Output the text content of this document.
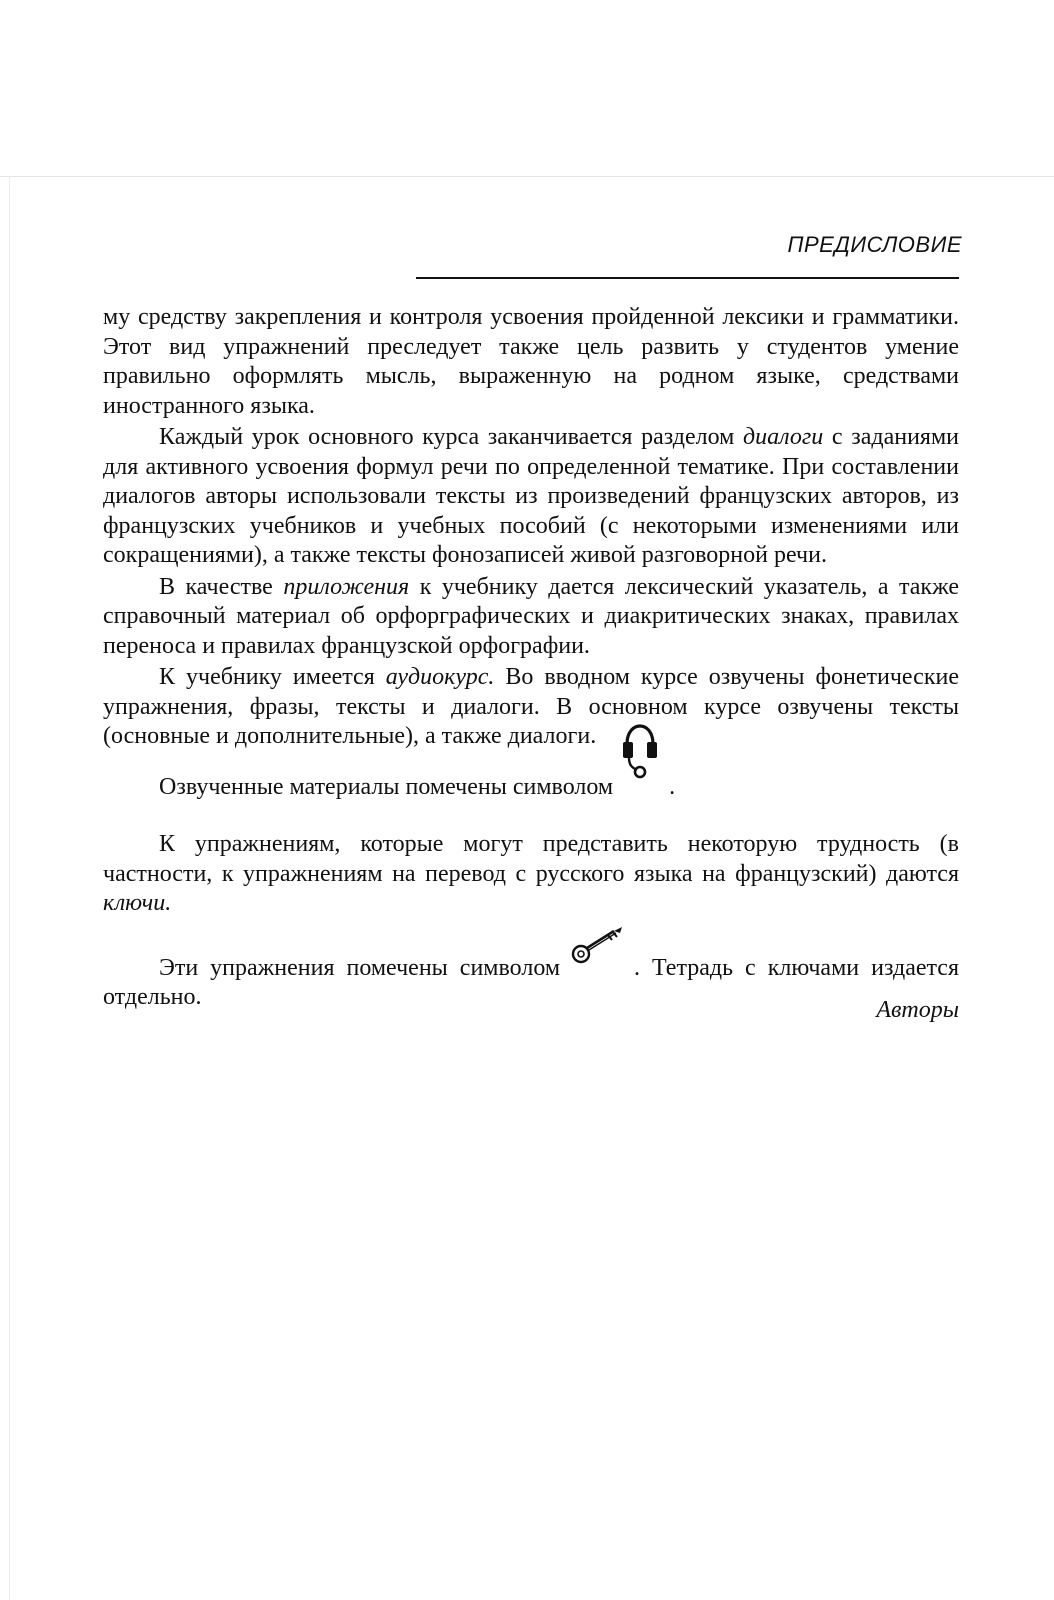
ПРЕДИСЛОВИЕ

му средству закрепления и контроля усвоения пройденной лексики и грамматики. Этот вид упражнений преследует также цель развить у студентов умение правильно оформлять мысль, выраженную на родном языке, средствами иностранного языка.

Каждый урок основного курса заканчивается разделом диалоги с заданиями для активного усвоения формул речи по определенной тематике. При составлении диалогов авторы использовали тексты из произведений французских авторов, из французских учебников и учебных пособий (с некоторыми изменениями или сокращениями), а также тексты фонозаписей живой разговорной речи.

В качестве приложения к учебнику дается лексический указатель, а также справочный материал об орфорграфических и диакритических знаках, правилах переноса и правилах французской орфографии.

К учебнику имеется аудиокурс. Во вводном курсе озвучены фонетические упражнения, фразы, тексты и диалоги. В основном курсе озвучены тексты (основные и дополнительные), а также диалоги.

Озвученные материалы помечены символом .

К упражнениям, которые могут представить некоторую трудность (в частности, к упражнениям на перевод с русского языка на французский) даются ключи.

Эти упражнения помечены символом	. Тетрадь с ключами издается отдельно.	Авторы
